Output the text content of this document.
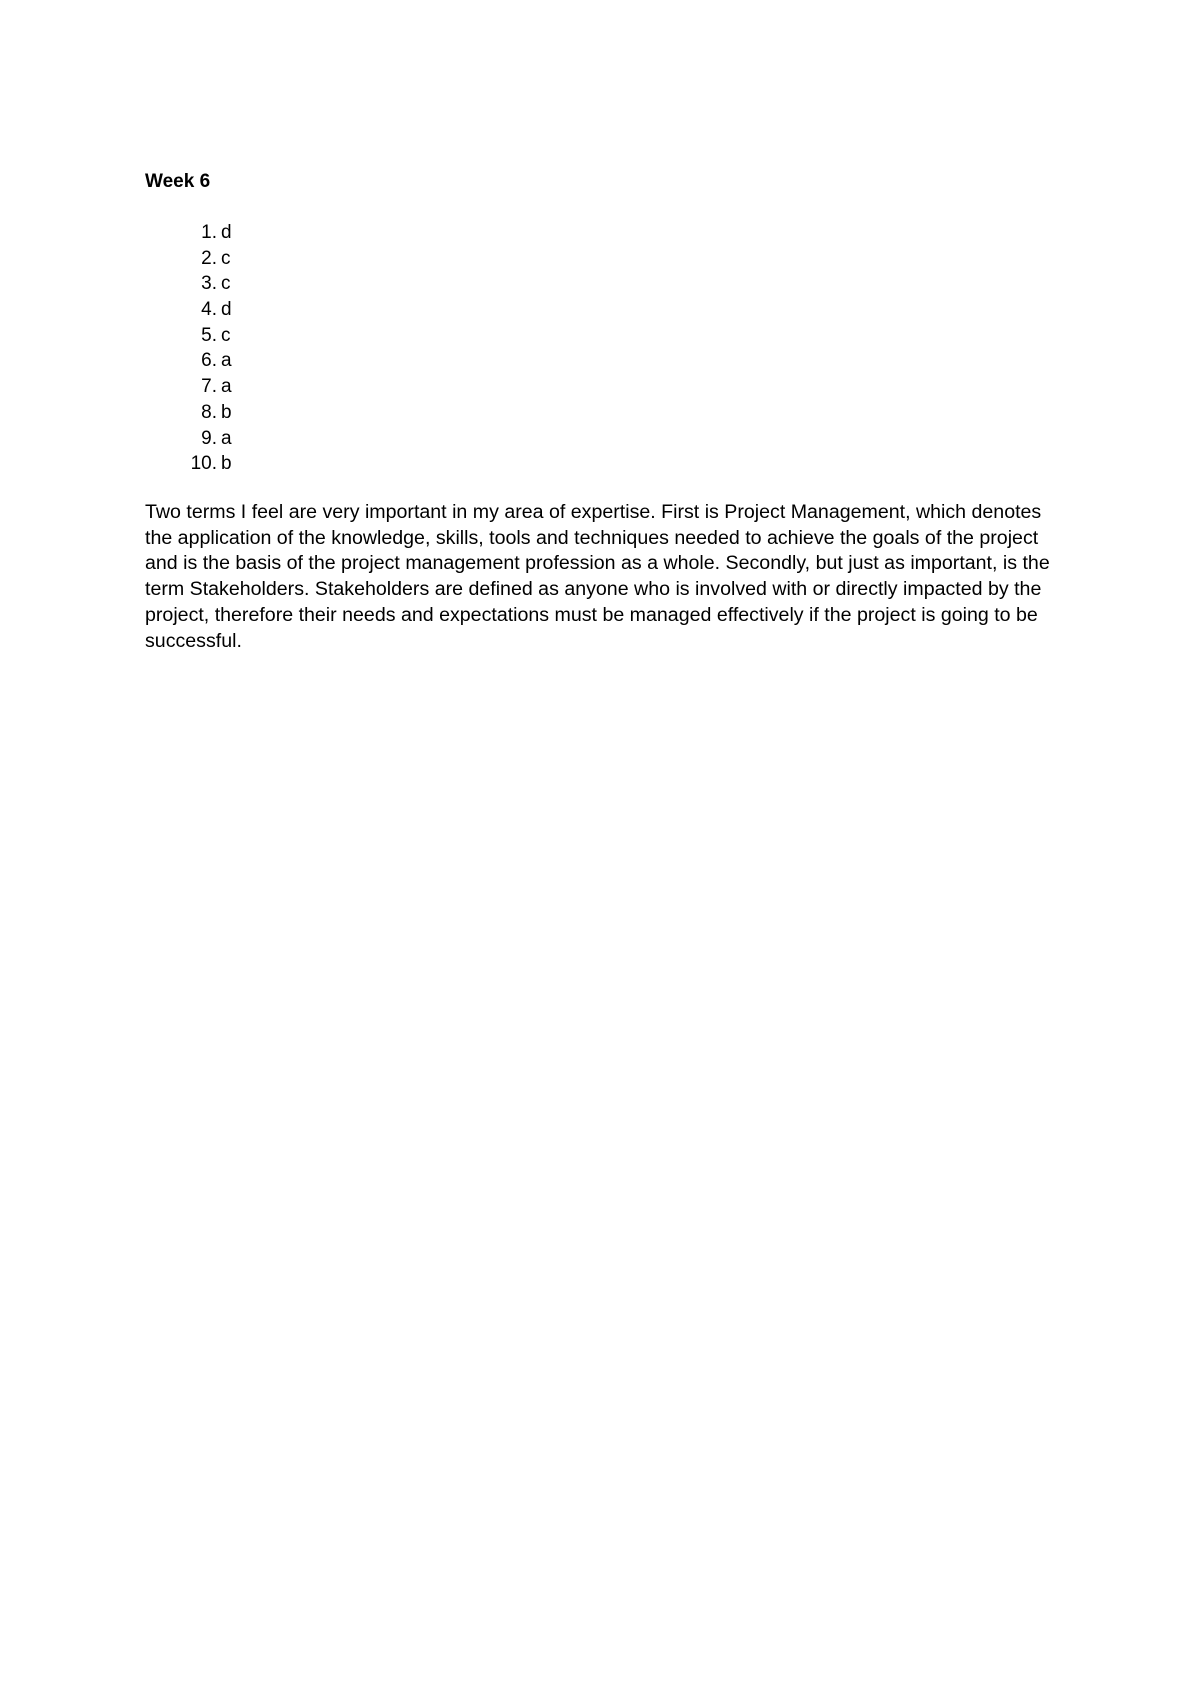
Week 6
1. d
2. c
3. c
4. d
5. c
6. a
7. a
8. b
9. a
10. b

Two terms I feel are very important in my area of expertise. First is Project Management, which denotes the application of the knowledge, skills, tools and techniques needed to achieve the goals of the project and is the basis of the project management profession as a whole. Secondly, but just as important, is the term Stakeholders. Stakeholders are defined as anyone who is involved with or directly impacted by the project, therefore their needs and expectations must be managed effectively if the project is going to be successful.
